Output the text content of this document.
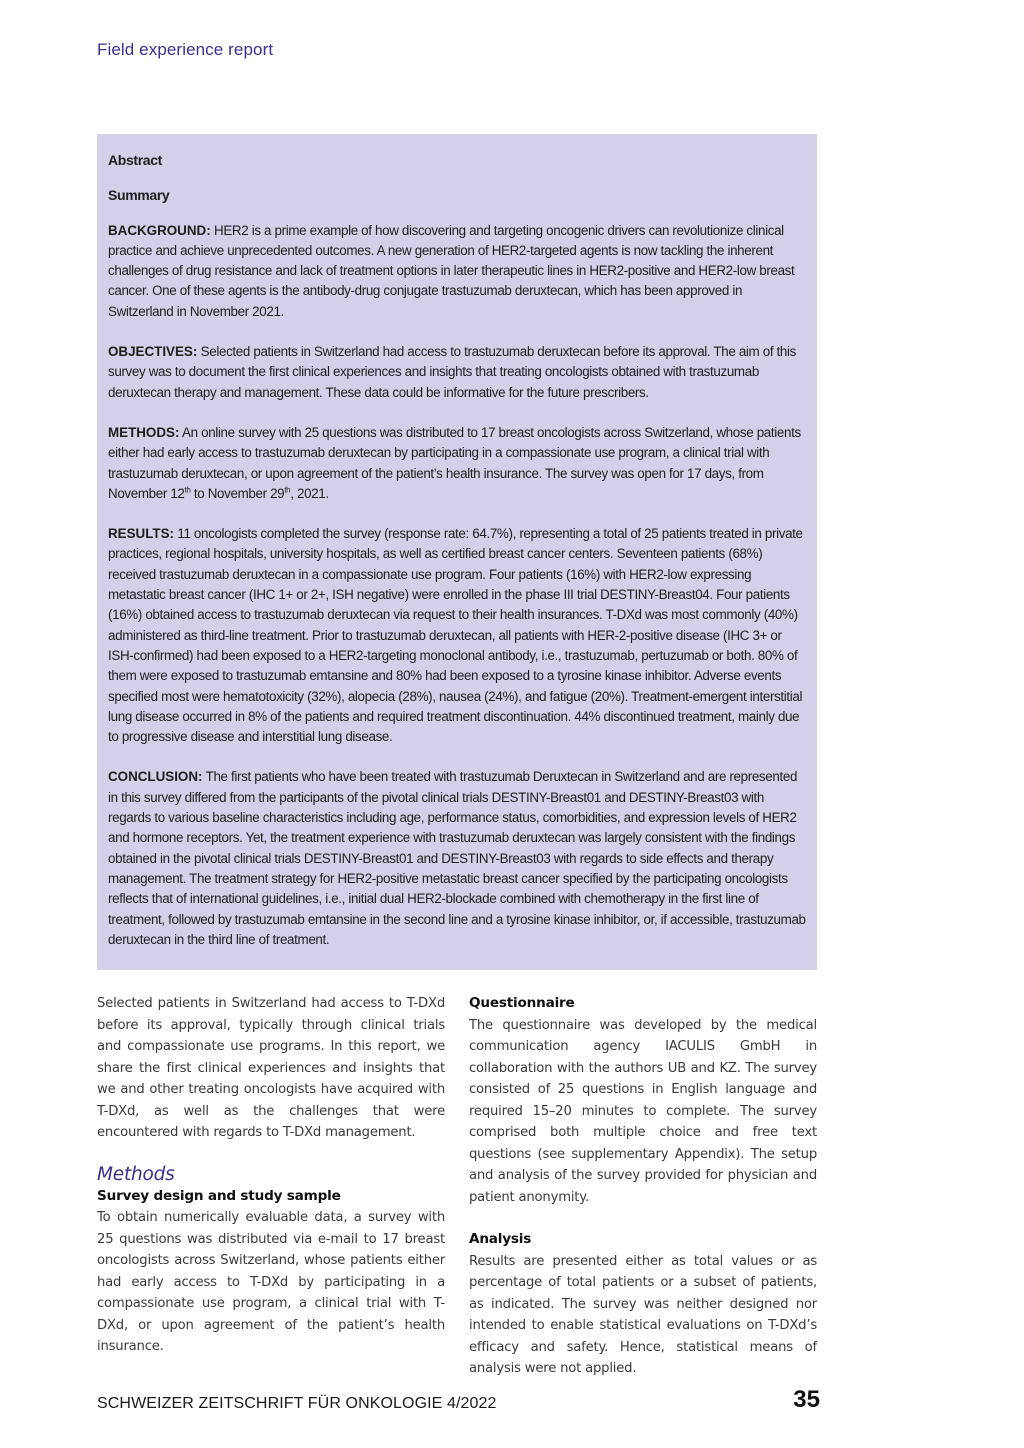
Field experience report
Abstract
Summary

BACKGROUND: HER2 is a prime example of how discovering and targeting oncogenic drivers can revolutionize clinical practice and achieve unprecedented outcomes. A new generation of HER2-targeted agents is now tackling the inherent challenges of drug resistance and lack of treatment options in later therapeutic lines in HER2-positive and HER2-low breast cancer. One of these agents is the antibody-drug conjugate trastuzumab deruxtecan, which has been approved in Switzerland in November 2021.

OBJECTIVES: Selected patients in Switzerland had access to trastuzumab deruxtecan before its approval. The aim of this survey was to document the first clinical experiences and insights that treating oncologists obtained with trastuzumab deruxtecan therapy and management. These data could be informative for the future prescribers.

METHODS: An online survey with 25 questions was distributed to 17 breast oncologists across Switzerland, whose patients either had early access to trastuzumab deruxtecan by participating in a compassionate use program, a clinical trial with trastuzumab deruxtecan, or upon agreement of the patient’s health insurance. The survey was open for 17 days, from November 12th to November 29th, 2021.

RESULTS: 11 oncologists completed the survey (response rate: 64.7%), representing a total of 25 patients treated in private practices, regional hospitals, university hospitals, as well as certified breast cancer centers. Seventeen patients (68%) received trastuzumab deruxtecan in a compassionate use program. Four patients (16%) with HER2-low expressing metastatic breast cancer (IHC 1+ or 2+, ISH negative) were enrolled in the phase III trial DESTINY-Breast04. Four patients (16%) obtained access to trastuzumab deruxtecan via request to their health insurances. T-DXd was most commonly (40%) administered as third-line treatment. Prior to trastuzumab deruxtecan, all patients with HER-2-positive disease (IHC 3+ or ISH-confirmed) had been exposed to a HER2-targeting monoclonal antibody, i.e., trastuzumab, pertuzumab or both. 80% of them were exposed to trastuzumab emtansine and 80% had been exposed to a tyrosine kinase inhibitor. Adverse events specified most were hematotoxicity (32%), alopecia (28%), nausea (24%), and fatigue (20%). Treatment-emergent interstitial lung disease occurred in 8% of the patients and required treatment discontinuation. 44% discontinued treatment, mainly due to progressive disease and interstitial lung disease.

CONCLUSION: The first patients who have been treated with trastuzumab Deruxtecan in Switzerland and are represented in this survey differed from the participants of the pivotal clinical trials DESTINY-Breast01 and DESTINY-Breast03 with regards to various baseline characteristics including age, performance status, comorbidities, and expression levels of HER2 and hormone receptors. Yet, the treatment experience with trastuzumab deruxtecan was largely consistent with the findings obtained in the pivotal clinical trials DESTINY-Breast01 and DESTINY-Breast03 with regards to side effects and therapy management. The treatment strategy for HER2-positive metastatic breast cancer specified by the participating oncologists reflects that of international guidelines, i.e., initial dual HER2-blockade combined with chemotherapy in the first line of treatment, followed by trastuzumab emtansine in the second line and a tyrosine kinase inhibitor, or, if accessible, trastuzumab deruxtecan in the third line of treatment.

Selected patients in Switzerland had access to T-DXd before its approval, typically through clinical trials and compassionate use programs. In this report, we share the first clinical experiences and insights that we and other treating oncologists have acquired with T-DXd, as well as the challenges that were encountered with regards to T-DXd management.

Methods
Survey design and study sample

To obtain numerically evaluable data, a survey with 25 questions was distributed via e-mail to 17 breast oncologists across Switzerland, whose patients either had early access to T-DXd by participating in a compassionate use program, a clinical trial with T-DXd, or upon agreement of the patient’s health insurance.

Questionnaire

The questionnaire was developed by the medical communication agency IACULIS GmbH in collaboration with the authors UB and KZ. The survey consisted of 25 questions in English language and required 15–20 minutes to complete. The survey comprised both multiple choice and free text questions (see supplementary Appendix). The setup and analysis of the survey provided for physician and patient anonymity.

Analysis

Results are presented either as total values or as percentage of total patients or a subset of patients, as indicated. The survey was neither designed nor intended to enable statistical evaluations on T-DXd’s efficacy and safety. Hence, statistical means of analysis were not applied.

SCHWEIZER ZEITSCHRIFT FÜR ONKOLOGIE 4/2022	35
